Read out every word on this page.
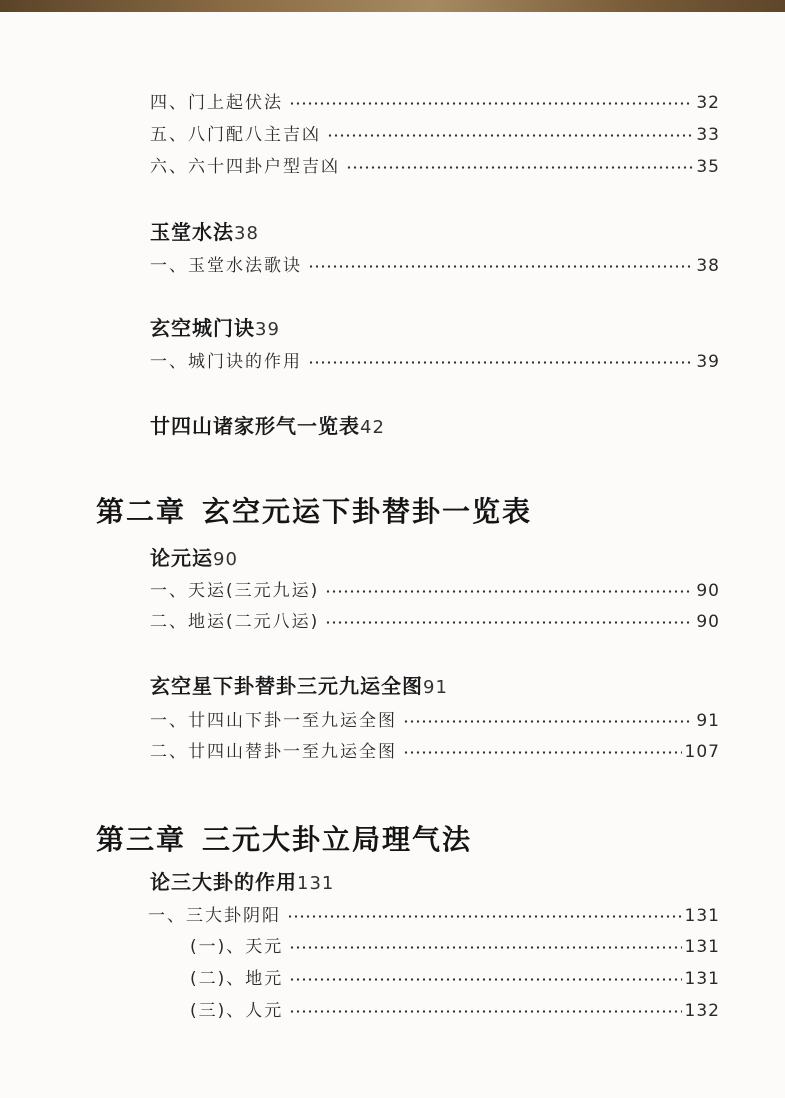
四、门上起伏法	32
五、八门配八主吉凶	33
六、六十四卦户型吉凶	35
玉堂水法38
一、玉堂水法歌诀	38
玄空城门诀39
一、城门诀的作用	39
廿四山诸家形气一览表42
第二章 玄空元运下卦替卦一览表
论元运90
一、天运(三元九运)	90
二、地运(二元八运)	90
玄空星下卦替卦三元九运全图91
一、廿四山下卦一至九运全图	91
二、廿四山替卦一至九运全图	107
第三章 三元大卦立局理气法
论三大卦的作用131
一、三大卦阴阳	131
(一)、天元	131
(二)、地元	131
(三)、人元	132
